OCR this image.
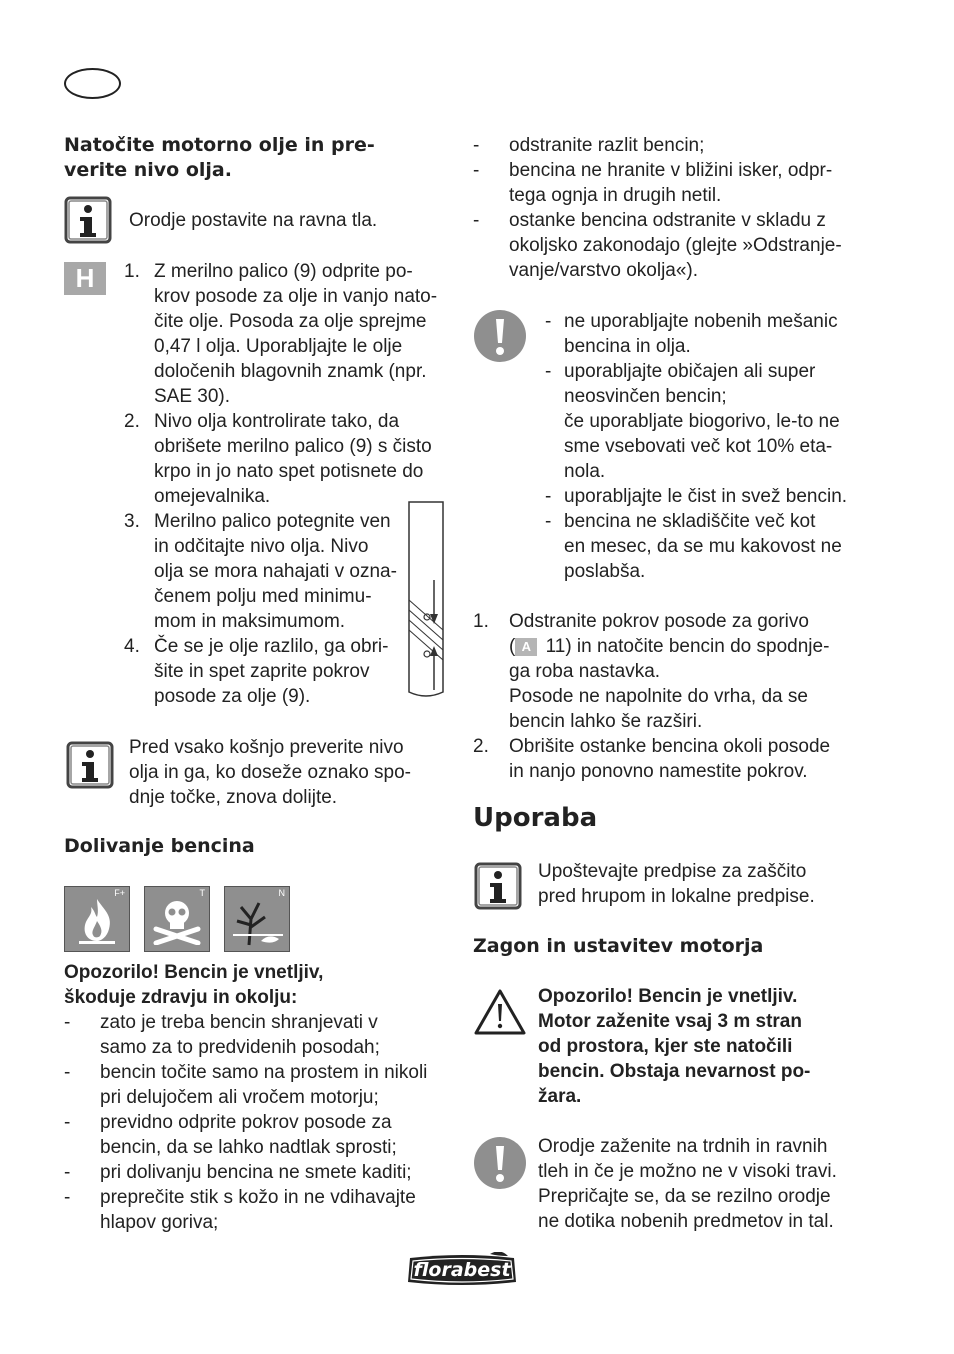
Natočite motorno olje in pre-
verite nivo olja.
Orodje postavite na ravna tla.
H	1. Z merilno palico (9) odprite po-
krov posode za olje in vanjo nato-
čite olje. Posoda za olje sprejme
0,47 l olja. Uporabljajte le olje
določenih blagovnih znamk (npr.
SAE 30).
2. Nivo olja kontrolirate tako, da
obrišete merilno palico (9) s čisto
krpo in jo nato spet potisnete do
omejevalnika.
3. Merilno palico potegnite ven
in odčitajte nivo olja. Nivo
olja se mora nahajati v ozna-
čenem polju med minimu-
mom in maksimumom.
4. Če se je olje razlilo, ga obri-
šite in spet zaprite pokrov
posode za olje (9).
Pred vsako košnjo preverite nivo
olja in ga, ko doseže oznako spo-
dnje točke, znova dolijte.
Dolivanje bencina
F+	T	N
Opozorilo! Bencin je vnetljiv,
škoduje zdravju in okolju:
- zato je treba bencin shranjevati v
samo za to predvidenih posodah;
- bencin točite samo na prostem in nikoli
pri delujočem ali vročem motorju;
- previdno odprite pokrov posode za
bencin, da se lahko nadtlak sprosti;
- pri dolivanju bencina ne smete kaditi;
- preprečite stik s kožo in ne vdihavajte
hlapov goriva;
- odstranite razlit bencin;
- bencina ne hranite v bližini isker, odpr-
tega ognja in drugih netil.
- ostanke bencina odstranite v skladu z
okoljsko zakonodajo (glejte »Odstranje-
vanje/varstvo okolja«).
- ne uporabljajte nobenih mešanic
bencina in olja.
- uporabljajte običajen ali super
neosvinčen bencin;
če uporabljate biogorivo, le-to ne
sme vsebovati več kot 10% eta-
nola.
- uporabljajte le čist in svež bencin.
- bencina ne skladiščite več kot
en mesec, da se mu kakovost ne
poslabša.
1. Odstranite pokrov posode za gorivo
( A 11) in natočite bencin do spodnje-
ga roba nastavka.
Posode ne napolnite do vrha, da se
bencin lahko še razširi.
2. Obrišite ostanke bencina okoli posode
in nanjo ponovno namestite pokrov.
Uporaba
Upoštevajte predpise za zaščito
pred hrupom in lokalne predpise.
Zagon in ustavitev motorja
Opozorilo! Bencin je vnetljiv.
Motor zaženite vsaj 3 m stran
od prostora, kjer ste natočili
bencin. Obstaja nevarnost po-
žara.
Orodje zaženite na trdnih in ravnih
tleh in če je možno ne v visoki travi.
Prepričajte se, da se rezilno orodje
ne dotika nobenih predmetov in tal.
florabest
